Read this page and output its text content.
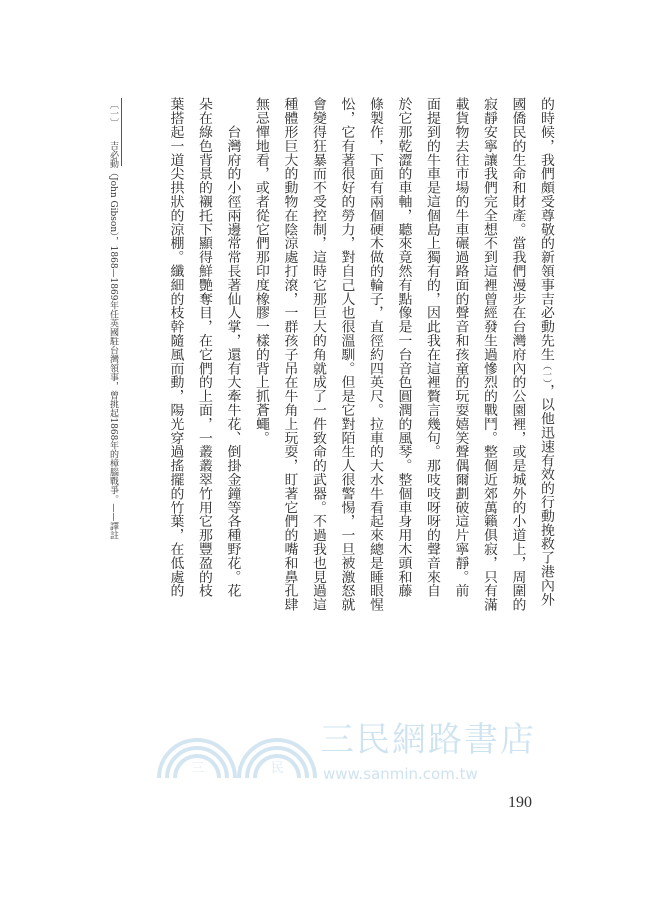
的時候，我們頗受尊敬的新領事吉必動先生（一），以他迅速有效的行動挽救了港內外
國僑民的生命和財產。當我們漫步在台灣府內的公園裡，或是城外的小道上，周圍的
寂靜安寧讓我們完全想不到這裡曾經發生過慘烈的戰鬥。整個近郊萬籟俱寂，只有滿
載貨物去往市場的牛車碾過路面的聲音和孩童的玩耍嬉笑聲偶爾劃破這片寧靜。前
面提到的牛車是這個島上獨有的，因此我在這裡贅言幾句。那吱吱呀呀的聲音來自
於它那乾澀的車軸，聽來竟然有點像是一台音色圓潤的風琴。整個車身用木頭和藤
條製作，下面有兩個硬木做的輪子，直徑約四英尺。拉車的大水牛看起來總是睡眼惺
忪，它有著很好的勞力，對自己人也很溫馴。但是它對陌生人很警惕，一旦被激怒就
會變得狂暴而不受控制，這時它那巨大的角就成了一件致命的武器。不過我也見過這
種體形巨大的動物在陰涼處打滾，一群孩子吊在牛角上玩耍，盯著它們的嘴和鼻孔肆
無忌憚地看，或者從它們那印度橡膠一樣的背上抓蒼蠅。
　　台灣府的小徑兩邊常常長著仙人掌，還有大牽牛花、倒掛金鐘等各種野花。花
朵在綠色背景的襯托下顯得鮮艷奪目，在它們的上面，一叢叢翠竹用它那豐盈的枝
葉搭起一道尖拱狀的涼棚。纖細的枝幹隨風而動，陽光穿過搖擺的竹葉，在低處的
〔一〕吉必動（John Gibson），1868—1869年任英國駐台灣領事，曾挑起1868年的樟腦戰爭。——譯註
三	民
三民網路書店
www.sanmin.com.tw
190
